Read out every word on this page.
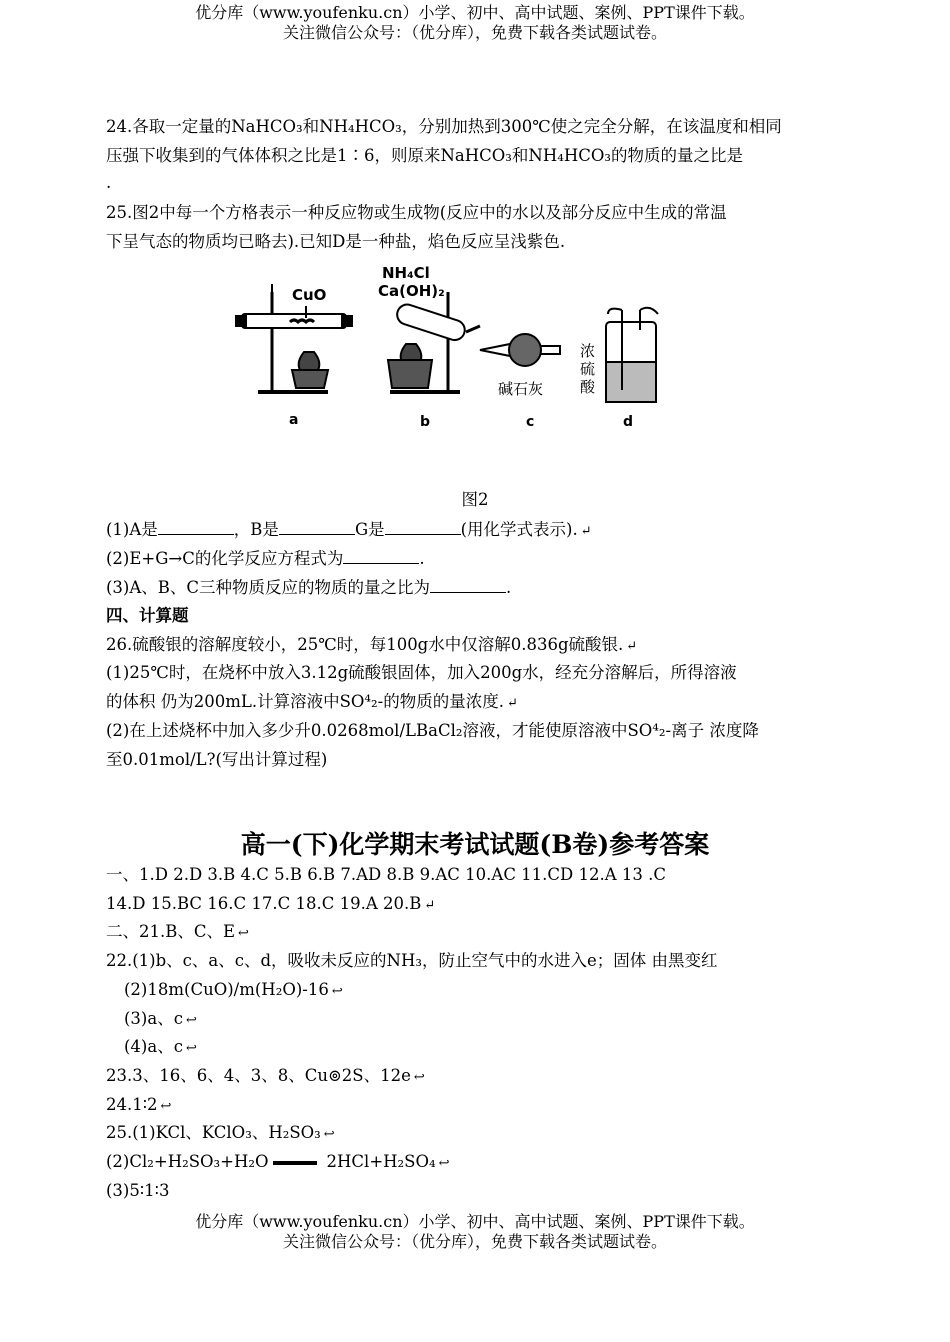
优分库（www.youfenku.cn）小学、初中、高中试题、案例、PPT课件下载。
关注微信公众号：（优分库），免费下载各类试题试卷。
24.各取一定量的NaHCO₃和NH₄HCO₃，分别加热到300℃使之完全分解，在该温度和相同
压强下收集到的气体体积之比是1∶6，则原来NaHCO₃和NH₄HCO₃的物质的量之比是
.
25.图2中每一个方格表示一种反应物或生成物(反应中的水以及部分反应中生成的常温
下呈气态的物质均已略去).已知D是一种盐，焰色反应呈浅紫色.
CuO
NH₄Cl
Ca(OH)₂
碱石灰
浓
硫
酸
a	b	c	d
图2
(1)A是	，B是	G是	(用化学式表示). ↵
(2)E+G→C的化学反应方程式为	.
(3)A、B、C三种物质反应的物质的量之比为	.
四、计算题
26.硫酸银的溶解度较小，25℃时，每100g水中仅溶解0.836g硫酸银. ↵
(1)25℃时，在烧杯中放入3.12g硫酸银固体，加入200g水，经充分溶解后，所得溶液
的体积 仍为200mL.计算溶液中SO⁴₂-的物质的量浓度. ↵
(2)在上述烧杯中加入多少升0.0268mol/LBaCl₂溶液，才能使原溶液中SO⁴₂-离子 浓度降
至0.01mol/L?(写出计算过程)
高一(下)化学期末考试试题(B卷)参考答案
一、1.D 2.D 3.B 4.C 5.B 6.B 7.AD 8.B 9.AC 10.AC 11.CD 12.A 13 .C
14.D 15.BC 16.C 17.C 18.C 19.A 20.B ↵
二、21.B、C、E ↩
22.(1)b、c、a、c、d，吸收未反应的NH₃，防止空气中的水进入e；固体 由黑变红
(2)18m(CuO)/m(H₂O)-16 ↩
(3)a、c ↩
(4)a、c ↩
23.3、16、6、4、3、8、Cu⊚2S、12e ↩
24.1∶2 ↩
25.(1)KCl、KClO₃、H₂SO₃ ↩
(2)Cl₂+H₂SO₃+H₂O	2HCl+H₂SO₄ ↩
(3)5∶1∶3
优分库（www.youfenku.cn）小学、初中、高中试题、案例、PPT课件下载。
关注微信公众号：（优分库），免费下载各类试题试卷。
